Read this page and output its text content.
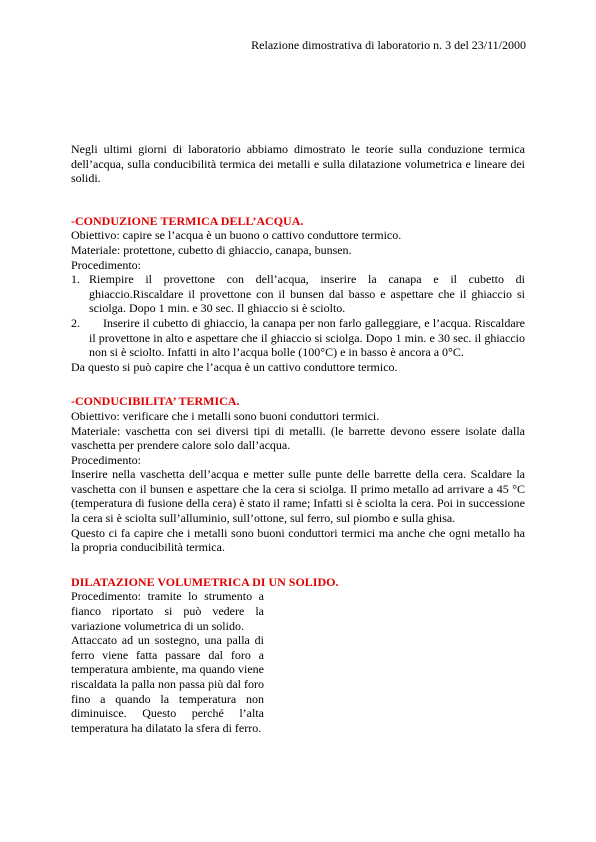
Relazione dimostrativa di laboratorio n. 3 del 23/11/2000

Negli ultimi giorni di laboratorio abbiamo dimostrato le teorie sulla conduzione termica dell’acqua, sulla conducibilità termica dei metalli e sulla dilatazione volumetrica e lineare dei solidi.

-CONDUZIONE TERMICA DELL’ACQUA.

Obiettivo: capire se l’acqua è un buono o cattivo conduttore termico.

Materiale: protettone, cubetto di ghiaccio, canapa, bunsen.

Procedimento:

1. Riempire il provettone con dell’acqua, inserire la canapa e il cubetto di ghiaccio.Riscaldare il provettone con il bunsen dal basso e aspettare che il ghiaccio si sciolga. Dopo 1 min. e 30 sec. Il ghiaccio si è sciolto.
2. Inserire il cubetto di ghiaccio, la canapa per non farlo galleggiare, e l’acqua. Riscaldare il provettone in alto e aspettare che il ghiaccio si sciolga. Dopo 1 min. e 30 sec. il ghiaccio non si è sciolto. Infatti in alto l’acqua bolle (100°C) e in basso è ancora a 0°C.

Da questo si può capire che l’acqua è un cattivo conduttore termico.

-CONDUCIBILITA’ TERMICA.

Obiettivo: verificare che i metalli sono buoni conduttori termici.

Materiale: vaschetta con sei diversi tipi di metalli. (le barrette devono essere isolate dalla vaschetta per prendere calore solo dall’acqua.

Procedimento:

Inserire nella vaschetta dell’acqua e metter sulle punte delle barrette della cera. Scaldare la vaschetta con il bunsen e aspettare che la cera si sciolga. Il primo metallo ad arrivare a 45 °C (temperatura di fusione della cera) è stato il rame; Infatti si è sciolta la cera. Poi in successione la cera si è sciolta sull’alluminio, sull’ottone, sul ferro, sul piombo e sulla ghisa.

Questo ci fa capire che i metalli sono buoni conduttori termici ma anche che ogni metallo ha la propria conducibilità termica.

DILATAZIONE VOLUMETRICA DI UN SOLIDO.

Procedimento: tramite lo strumento a fianco riportato si può vedere la variazione volumetrica di un solido.

Attaccato ad un sostegno, una palla di ferro viene fatta passare dal foro a temperatura ambiente, ma quando viene riscaldata la palla non passa più dal foro fino a quando la temperatura non diminuisce. Questo perché l’alta temperatura ha dilatato la sfera di ferro.
